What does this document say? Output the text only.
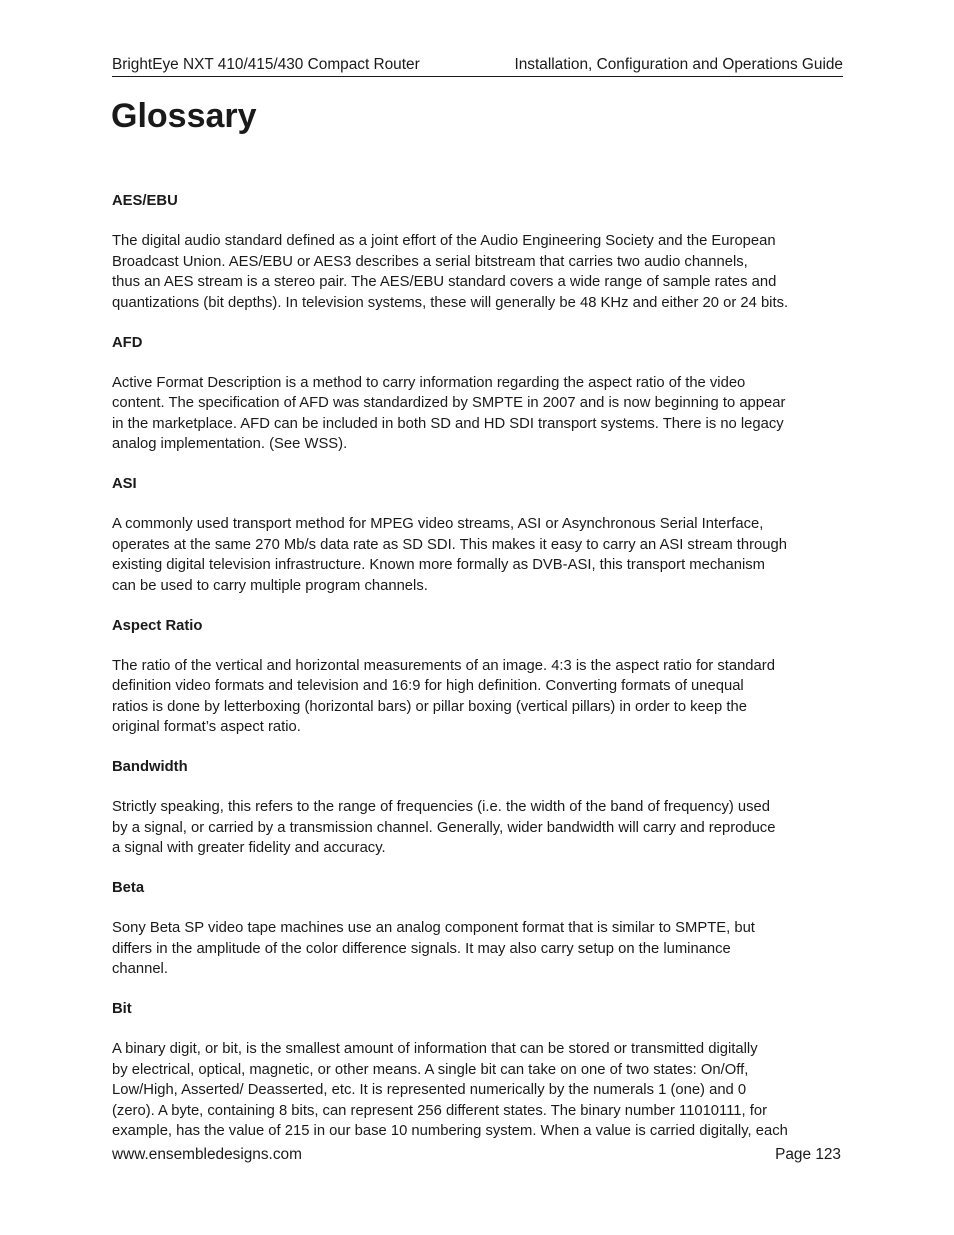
BrightEye NXT 410/415/430 Compact Router	Installation, Configuration and Operations Guide
Glossary

AES/EBU

The digital audio standard defined as a joint effort of the Audio Engineering Society and the European
Broadcast Union. AES/EBU or AES3 describes a serial bitstream that carries two audio channels,
thus an AES stream is a stereo pair. The AES/EBU standard covers a wide range of sample rates and
quantizations (bit depths). In television systems, these will generally be 48 KHz and either 20 or 24 bits.

AFD

Active Format Description is a method to carry information regarding the aspect ratio of the video
content. The specification of AFD was standardized by SMPTE in 2007 and is now beginning to appear
in the marketplace. AFD can be included in both SD and HD SDI transport systems. There is no legacy
analog implementation. (See WSS).

ASI

A commonly used transport method for MPEG video streams, ASI or Asynchronous Serial Interface,
operates at the same 270 Mb/s data rate as SD SDI. This makes it easy to carry an ASI stream through
existing digital television infrastructure. Known more formally as DVB-ASI, this transport mechanism
can be used to carry multiple program channels.

Aspect Ratio

The ratio of the vertical and horizontal measurements of an image. 4:3 is the aspect ratio for standard
definition video formats and television and 16:9 for high definition. Converting formats of unequal
ratios is done by letterboxing (horizontal bars) or pillar boxing (vertical pillars) in order to keep the
original format’s aspect ratio.

Bandwidth

Strictly speaking, this refers to the range of frequencies (i.e. the width of the band of frequency) used
by a signal, or carried by a transmission channel. Generally, wider bandwidth will carry and reproduce
a signal with greater fidelity and accuracy.

Beta

Sony Beta SP video tape machines use an analog component format that is similar to SMPTE, but
differs in the amplitude of the color difference signals. It may also carry setup on the luminance
channel.

Bit

A binary digit, or bit, is the smallest amount of information that can be stored or transmitted digitally
by electrical, optical, magnetic, or other means. A single bit can take on one of two states: On/Off,
Low/High, Asserted/ Deasserted, etc. It is represented numerically by the numerals 1 (one) and 0
(zero). A byte, containing 8 bits, can represent 256 different states. The binary number 11010111, for
example, has the value of 215 in our base 10 numbering system. When a value is carried digitally, each

www.ensembledesigns.com	Page 123
